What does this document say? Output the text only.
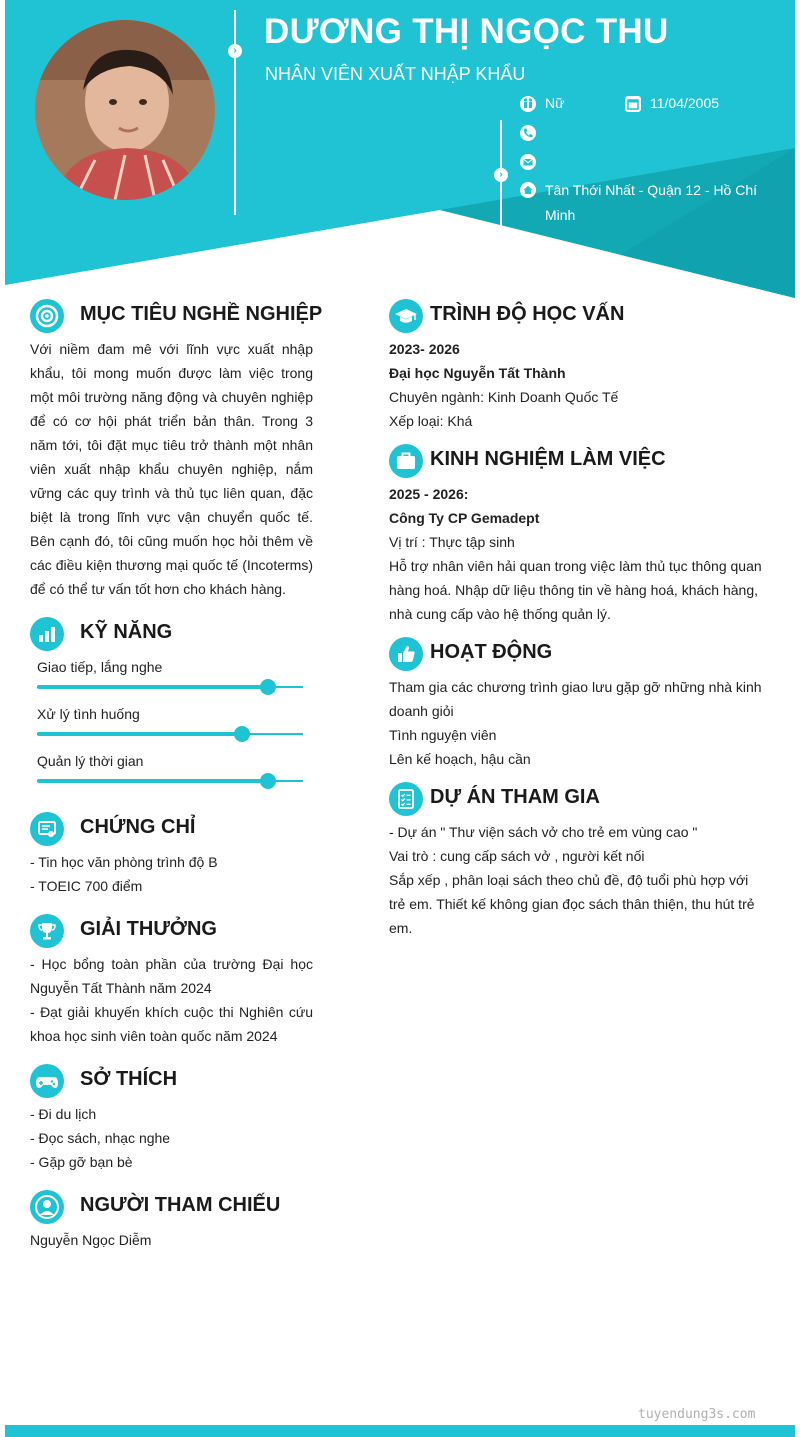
›
›
DƯƠNG THỊ NGỌC THU
NHÂN VIÊN XUẤT NHẬP KHẨU
Nữ	11/04/2005
Tân Thới Nhất - Quận 12 - Hồ Chí
Minh
MỤC TIÊU NGHỀ NGHIỆP
Với niềm đam mê với lĩnh vực xuất nhập khẩu, tôi mong muốn được làm việc trong một môi trường năng động và chuyên nghiệp để có cơ hội phát triển bản thân. Trong 3 năm tới, tôi đặt mục tiêu trở thành một nhân viên xuất nhập khẩu chuyên nghiệp, nắm vững các quy trình và thủ tục liên quan, đặc biệt là trong lĩnh vực vận chuyển quốc tế. Bên cạnh đó, tôi cũng muốn học hỏi thêm về các điều kiện thương mại quốc tế (Incoterms) để có thể tư vấn tốt hơn cho khách hàng.
KỸ NĂNG
Giao tiếp, lắng nghe
Xử lý tình huống
Quản lý thời gian
CHỨNG CHỈ
- Tin học văn phòng trình độ B
- TOEIC 700 điểm
GIẢI THƯỞNG
- Học bổng toàn phần của trường Đại học Nguyễn Tất Thành năm 2024
- Đạt giải khuyến khích cuộc thi Nghiên cứu khoa học sinh viên toàn quốc năm 2024
SỞ THÍCH
- Đi du lịch
- Đọc sách, nhạc nghe
- Gặp gỡ bạn bè
NGƯỜI THAM CHIẾU
Nguyễn Ngọc Diễm
TRÌNH ĐỘ HỌC VẤN
2023- 2026
Đại học Nguyễn Tất Thành
Chuyên ngành: Kinh Doanh Quốc Tế
Xếp loại: Khá
KINH NGHIỆM LÀM VIỆC
2025 - 2026:
Công Ty CP Gemadept
Vị trí : Thực tập sinh
Hỗ trợ nhân viên hải quan trong việc làm thủ tục thông quan hàng hoá. Nhập dữ liệu thông tin về hàng hoá, khách hàng, nhà cung cấp vào hệ thống quản lý.
HOẠT ĐỘNG
Tham gia các chương trình giao lưu gặp gỡ những nhà kinh doanh giỏi
Tình nguyện viên
Lên kế hoạch, hậu cần
DỰ ÁN THAM GIA
- Dự án " Thư viện sách vở cho trẻ em vùng cao "
Vai trò : cung cấp sách vở , người kết nối
Sắp xếp , phân loại sách theo chủ đề, độ tuổi phù hợp với trẻ em. Thiết kế không gian đọc sách thân thiện, thu hút trẻ em.
tuyendung3s.com
